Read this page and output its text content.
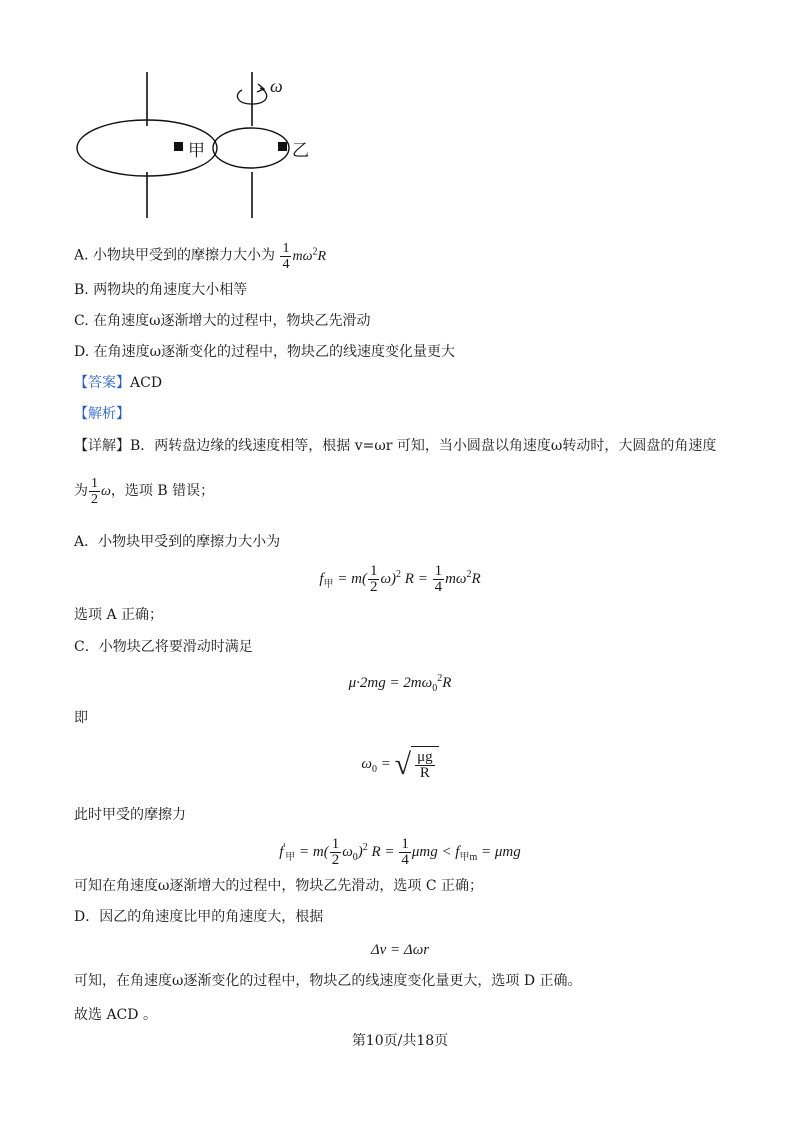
甲	乙
ω
A. 小物块甲受到的摩擦力大小为 $\frac{1}{4} m\omega^2R$
B. 两物块的角速度大小相等
C. 在角速度ω逐渐增大的过程中，物块乙先滑动
D. 在角速度ω逐渐变化的过程中，物块乙的线速度变化量更大
【答案】ACD
【解析】
【详解】B．两转盘边缘的线速度相等，根据 v=ωr 可知，当小圆盘以角速度ω转动时，大圆盘的角速度
为 $\frac{1}{2}$ ω，选项 B 错误；
A．小物块甲受到的摩擦力大小为
$f_甲 = m( \frac{1}{2} \omega)^2$ $R = \frac{1}{4} m\omega^2R$
选项 A 正确；
C．小物块乙将要滑动时满足
$\mu\cdot 2mg = 2m\omega_0^2R$
即
$\omega_0$ = √ $\frac{\mu g}{R}$
此时甲受的摩擦力
$f'_甲 = m( \frac{1}{2} \omega_0)^2$ $R = \frac{1}{4}$ $\mu mg < f_{甲m} = \mu mg$
可知在角速度ω逐渐增大的过程中，物块乙先滑动，选项 C 正确；
D．因乙的角速度比甲的角速度大，根据
Δv = Δωr
可知，在角速度ω逐渐变化的过程中，物块乙的线速度变化量更大，选项 D 正确。
故选 ACD 。
第10页/共18页
